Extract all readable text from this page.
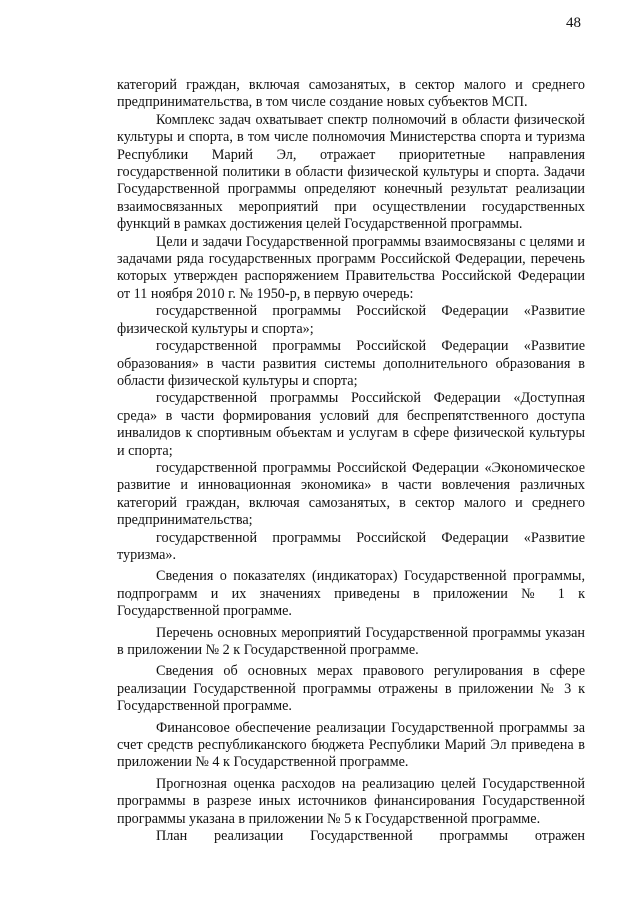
48

категорий граждан, включая самозанятых, в сектор малого и среднего предпринимательства, в том числе создание новых субъектов МСП.

Комплекс задач охватывает спектр полномочий в области физической культуры и спорта, в том числе полномочия Министерства спорта и туризма Республики Марий Эл, отражает приоритетные направления государственной политики в области физической культуры и спорта. Задачи Государственной программы определяют конечный результат реализации взаимосвязанных мероприятий при осуществлении государственных функций в рамках достижения целей Государственной программы.

Цели и задачи Государственной программы взаимосвязаны с целями и задачами ряда государственных программ Российской Федерации, перечень которых утвержден распоряжением Правительства Российской Федерации от 11 ноября 2010 г. № 1950-р, в первую очередь:

государственной программы Российской Федерации «Развитие физической культуры и спорта»;

государственной программы Российской Федерации «Развитие образования» в части развития системы дополнительного образования в области физической культуры и спорта;

государственной программы Российской Федерации «Доступная среда» в части формирования условий для беспрепятственного доступа инвалидов к спортивным объектам и услугам в сфере физической культуры и спорта;

государственной программы Российской Федерации «Экономическое развитие и инновационная экономика» в части вовлечения различных категорий граждан, включая самозанятых, в сектор малого и среднего предпринимательства;

государственной программы Российской Федерации «Развитие туризма».

Сведения о показателях (индикаторах) Государственной программы, подпрограмм и их значениях приведены в приложении № 1 к Государственной программе.

Перечень основных мероприятий Государственной программы указан в приложении № 2 к Государственной программе.

Сведения об основных мерах правового регулирования в сфере реализации Государственной программы отражены в приложении № 3 к Государственной программе.

Финансовое обеспечение реализации Государственной программы за счет средств республиканского бюджета Республики Марий Эл приведена в приложении № 4 к Государственной программе.

Прогнозная оценка расходов на реализацию целей Государственной программы в разрезе иных источников финансирования Государственной программы указана в приложении № 5 к Государственной программе.

План реализации Государственной программы отражен
